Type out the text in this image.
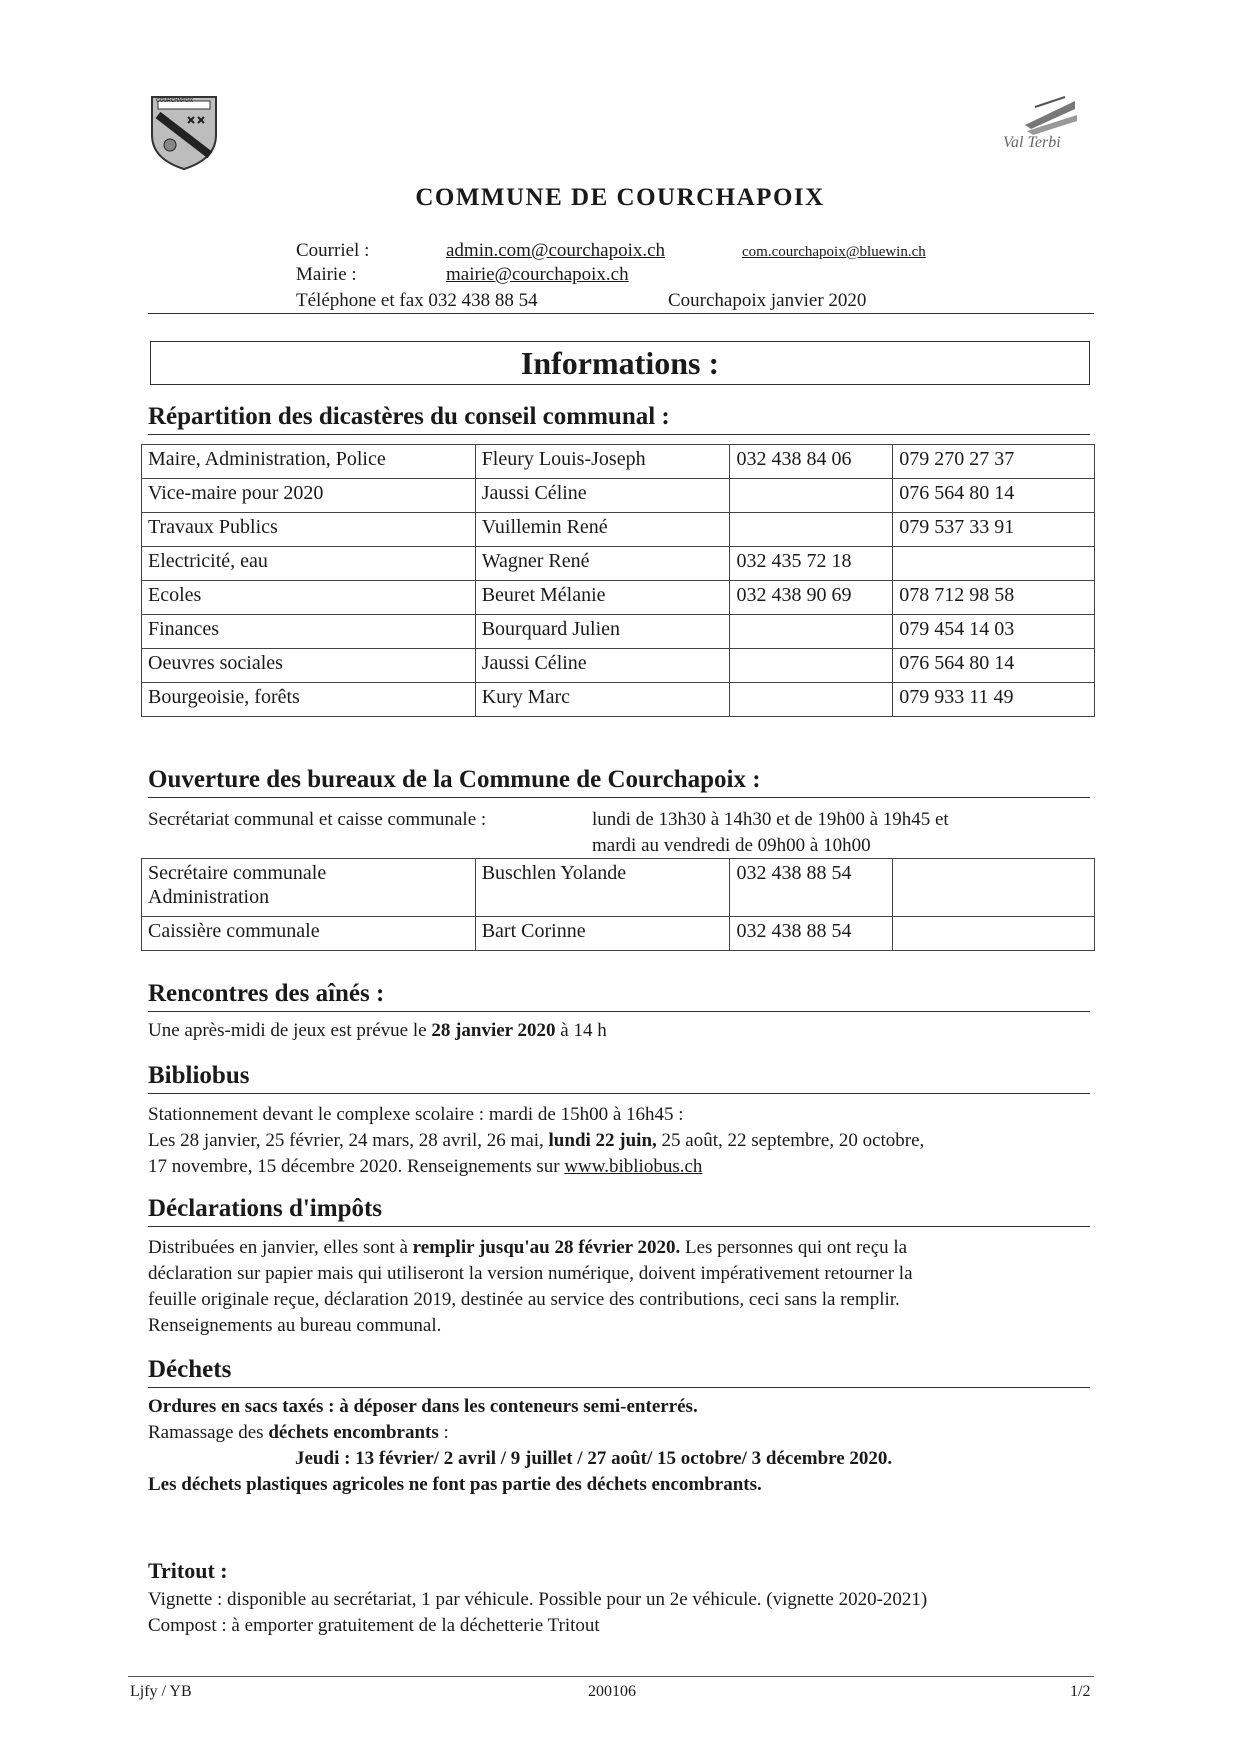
COURCHAPOIX
Val Terbi
COMMUNE DE COURCHAPOIX
Courriel :	admin.com@courchapoix.ch	com.courchapoix@bluewin.ch
Mairie :	mairie@courchapoix.ch
Téléphone et fax 032 438 88 54	Courchapoix janvier 2020
Informations :
Répartition des dicastères du conseil communal :
Maire, Administration, Police	Fleury Louis-Joseph	032 438 84 06	079 270 27 37

Vice-maire pour 2020	Jaussi Céline		076 564 80 14

Travaux Publics	Vuillemin René		079 537 33 91

Electricité, eau	Wagner René	032 435 72 18	

Ecoles	Beuret Mélanie	032 438 90 69	078 712 98 58

Finances	Bourquard Julien		079 454 14 03

Oeuvres sociales	Jaussi Céline		076 564 80 14

Bourgeoisie, forêts	Kury Marc		079 933 11 49
Ouverture des bureaux de la Commune de Courchapoix :
Secrétariat communal et caisse communale :	lundi de 13h30 à 14h30 et de 19h00 à 19h45 et
mardi au vendredi de 09h00 à 10h00
Secrétaire communale
Administration	Buschlen Yolande	032 438 88 54	

Caissière communale	Bart Corinne	032 438 88 54	

Rencontres des aînés :
Une après-midi de jeux est prévue le 28 janvier 2020 à 14 h
Bibliobus
Stationnement devant le complexe scolaire : mardi de 15h00 à 16h45 :
Les 28 janvier, 25 février, 24 mars, 28 avril, 26 mai, lundi 22 juin, 25 août, 22 septembre, 20 octobre,
17 novembre, 15 décembre 2020. Renseignements sur www.bibliobus.ch
Déclarations d'impôts
Distribuées en janvier, elles sont à remplir jusqu'au 28 février 2020. Les personnes qui ont reçu la
déclaration sur papier mais qui utiliseront la version numérique, doivent impérativement retourner la
feuille originale reçue, déclaration 2019, destinée au service des contributions, ceci sans la remplir.
Renseignements au bureau communal.
Déchets
Ordures en sacs taxés : à déposer dans les conteneurs semi-enterrés.
Ramassage des déchets encombrants :
Jeudi : 13 février/ 2 avril / 9 juillet / 27 août/ 15 octobre/ 3 décembre 2020.
Les déchets plastiques agricoles ne font pas partie des déchets encombrants.
Tritout :
Vignette : disponible au secrétariat, 1 par véhicule. Possible pour un 2e véhicule. (vignette 2020-2021)
Compost : à emporter gratuitement de la déchetterie Tritout
Ljfy / YB	200106	1/2
